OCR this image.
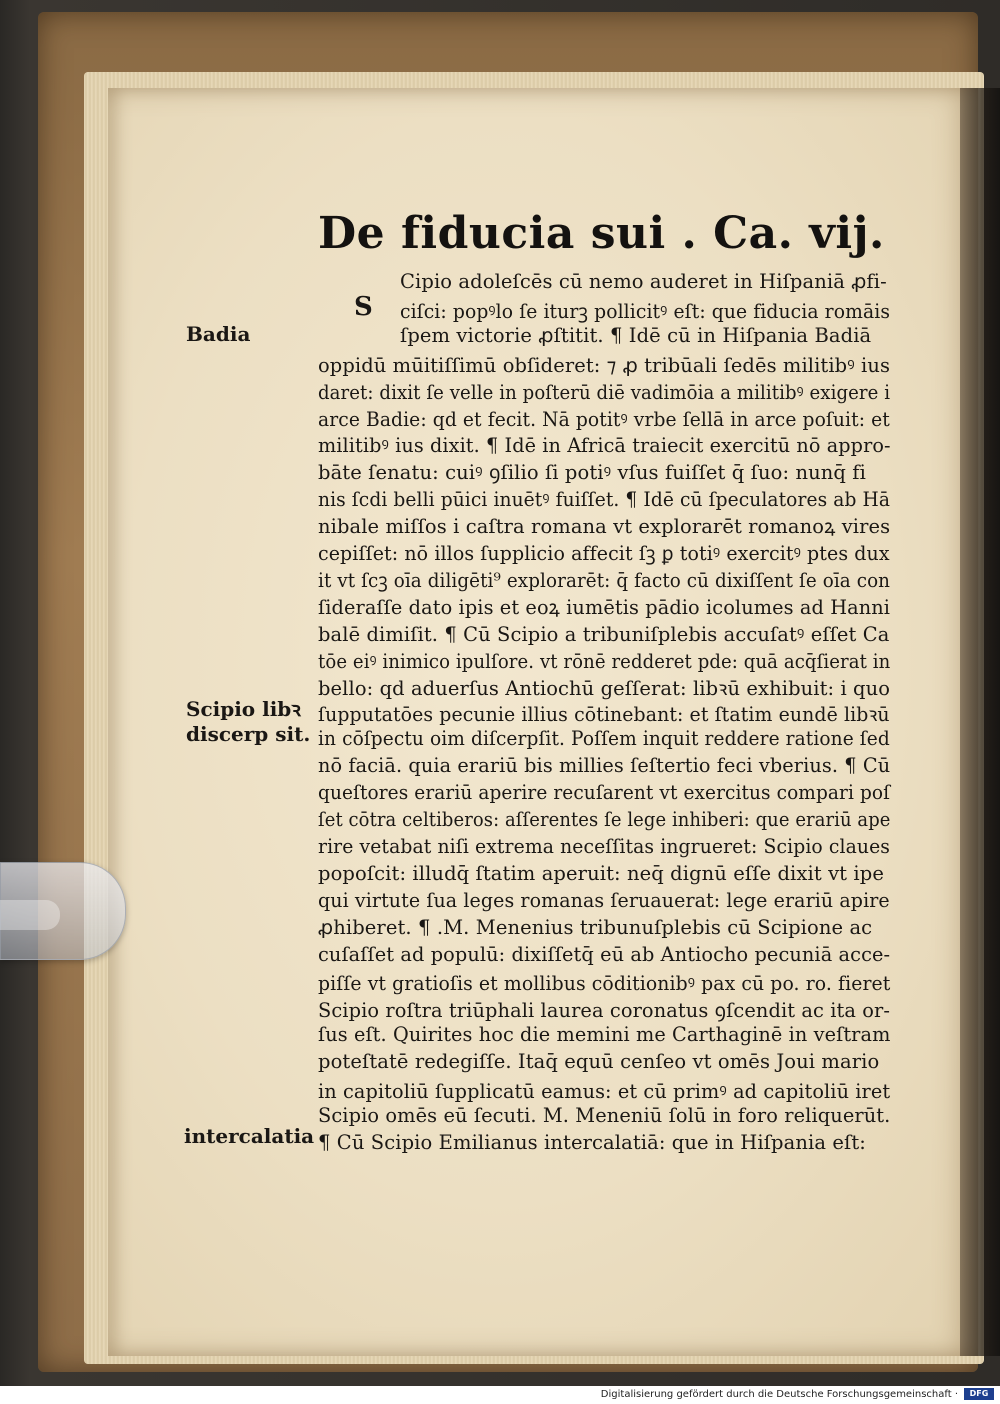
De fiducia sui . Ca. vij.
S
Badia
Scipio libꝛ
discerp sit.
intercalatia
Cipio adoleſcēs cū nemo auderet in Hiſpaniā ꝓfi-
ciſci: popꝰlo ſe iturꝫ pollicitꝰ eſt: que fiducia romāis
ſpem victorie ꝓſtitit. ¶ Idē cū in Hiſpania Badiā
oppidū mūitiſſimū obſideret: ⁊ ꝓ tribūali ſedēs militibꝰ ius
daret: dixit ſe velle in poſterū diē vadimōia a militibꝰ exigere i
arce Badie: qd et fecit. Nā potitꝰ vrbe ſellā in arce poſuit: et
militibꝰ ius dixit. ¶ Idē in Africā traiecit exercitū nō appro-
bāte ſenatu: cuiꝰ ꝯſilio ſi potiꝰ vſus fuiſſet q̄ ſuo: nunq̄ fi
nis ſcdi belli pūici inuētꝰ fuiſſet. ¶ Idē cū ſpeculatores ab Hā
nibale miſſos i caſtra romana vt explorarēt romanoꝝ vires
cepiſſet: nō illos ſupplicio affecit ſꝫ ꝑ totiꝰ exercitꝰ ptes dux
it vt ſcꝫ oīa diligēti⁹ explorarēt: q̄ facto cū dixiſſent ſe oīa con
ſideraſſe dato ipis et eoꝝ iumētis pādio icolumes ad Hanni
balē dimiſit. ¶ Cū Scipio a tribuniſplebis accuſatꝰ eſſet Ca
tōe eiꝰ inimico ipulſore. vt rōnē redderet pde: quā acq̄ſierat in
bello: qd aduerſus Antiochū geſſerat: libꝛū exhibuit: i quo
ſupputatōes pecunie illius cōtinebant: et ſtatim eundē libꝛū
in cōſpectu oim diſcerpſit. Poſſem inquit reddere ratione ſed
nō faciā. quia erariū bis millies ſeſtertio feci vberius. ¶ Cū
queſtores erariū aperire recuſarent vt exercitus compari poſ
ſet cōtra celtiberos: aſſerentes ſe lege inhiberi: que erariū ape
rire vetabat niſi extrema neceſſitas ingrueret: Scipio claues
popoſcit: illudq̄ ſtatim aperuit: neq̄ dignū eſſe dixit vt ipe
qui virtute ſua leges romanas ſeruauerat: lege erariū apire
ꝓhiberet. ¶ .M. Menenius tribunuſplebis cū Scipione ac
cuſaſſet ad populū: dixiſſetq̄ eū ab Antiocho pecuniā acce-
piſſe vt gratioſis et mollibus cōditionibꝰ pax cū po. ro. fieret
Scipio roſtra triūphali laurea coronatus ꝯſcendit ac ita or-
ſus eſt. Quirites hoc die memini me Carthaginē in veſtram
poteſtatē redegiſſe. Itaq̄ equū cenſeo vt omēs Joui mario
in capitoliū ſupplicatū eamus: et cū primꝰ ad capitoliū iret
Scipio omēs eū ſecuti. M. Meneniū ſolū in foro reliquerūt.
¶ Cū Scipio Emilianus intercalatiā: que in Hiſpania eſt:
Digitalisierung gefördert durch die Deutsche Forschungsgemeinschaft ·	DFG
